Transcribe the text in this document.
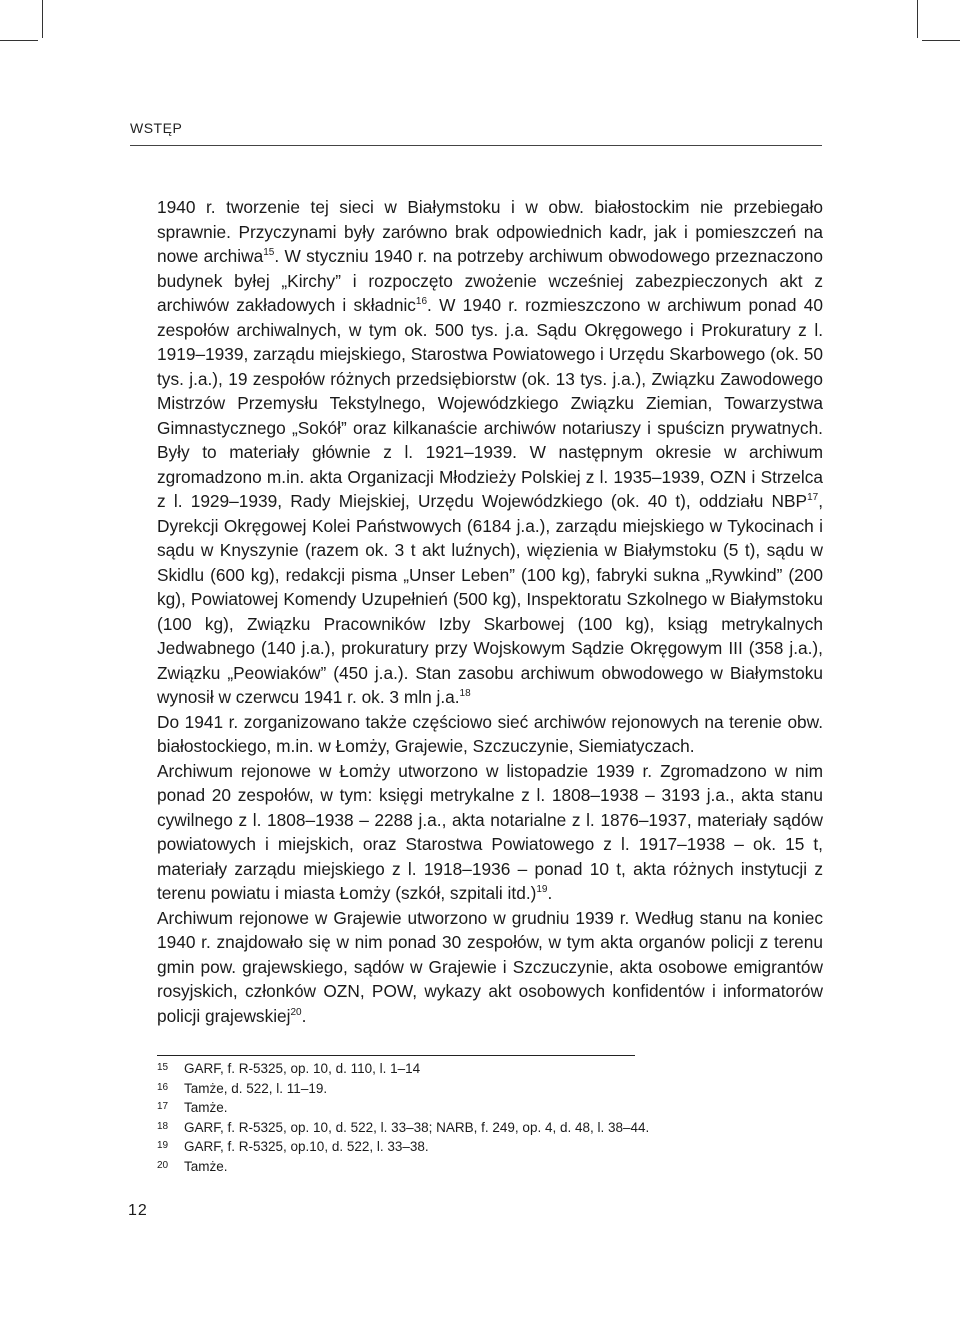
WSTĘP

1940 r. tworzenie tej sieci w Białymstoku i w obw. białostockim nie przebiegało sprawnie. Przyczynami były zarówno brak odpowiednich kadr, jak i pomieszczeń na nowe archiwa$^{15}$. W styczniu 1940 r. na potrzeby archiwum obwodowego przeznaczono budynek byłej „Kirchy” i rozpoczęto zwożenie wcześniej zabezpieczonych akt z archiwów zakładowych i składnic$^{16}$. W 1940 r. rozmieszczono w archiwum ponad 40 zespołów archiwalnych, w tym ok. 500 tys. j.a. Sądu Okręgowego i Prokuratury z l. 1919‒1939, zarządu miejskiego, Starostwa Powiatowego i Urzędu Skarbowego (ok. 50 tys. j.a.), 19 zespołów różnych przedsiębiorstw (ok. 13 tys. j.a.), Związku Zawodowego Mistrzów Przemysłu Tekstylnego, Wojewódzkiego Związku Ziemian, Towarzystwa Gimnastycznego „Sokół” oraz kilkanaście archiwów notariuszy i spuścizn prywatnych. Były to materiały głównie z l. 1921‒1939. W następnym okresie w archiwum zgromadzono m.in. akta Organizacji Młodzieży Polskiej z l. 1935‒1939, OZN i Strzelca z l. 1929‒1939, Rady Miejskiej, Urzędu Wojewódzkiego (ok. 40 t), oddziału NBP$^{17}$, Dyrekcji Okręgowej Kolei Państwowych (6184 j.a.), zarządu miejskiego w Tykocinach i sądu w Knyszynie (razem ok. 3 t akt luźnych), więzienia w Białymstoku (5 t), sądu w Skidlu (600 kg), redakcji pisma „Unser Leben” (100 kg), fabryki sukna „Rywkind” (200 kg), Powiatowej Komendy Uzupełnień (500 kg), Inspektoratu Szkolnego w Białymstoku (100 kg), Związku Pracowników Izby Skarbowej (100 kg), ksiąg metrykalnych Jedwabnego (140 j.a.), prokuratury przy Wojskowym Sądzie Okręgowym III (358 j.a.), Związku „Peowiaków” (450 j.a.). Stan zasobu archiwum obwodowego w Białymstoku wynosił w czerwcu 1941 r. ok. 3 mln j.a.$^{18}$

Do 1941 r. zorganizowano także częściowo sieć archiwów rejonowych na terenie obw. białostockiego, m.in. w Łomży, Grajewie, Szczuczynie, Siemiatyczach.

Archiwum rejonowe w Łomży utworzono w listopadzie 1939 r. Zgromadzono w nim ponad 20 zespołów, w tym: księgi metrykalne z l. 1808‒1938 ‒ 3193 j.a., akta stanu cywilnego z l. 1808‒1938 ‒ 2288 j.a., akta notarialne z l. 1876‒1937, materiały sądów powiatowych i miejskich, oraz Starostwa Powiatowego z l. 1917‒1938 ‒ ok. 15 t, materiały zarządu miejskiego z l. 1918‒1936 ‒ ponad 10 t, akta różnych instytucji z terenu powiatu i miasta Łomży (szkół, szpitali itd.)$^{19}$.

Archiwum rejonowe w Grajewie utworzono w grudniu 1939 r. Według stanu na koniec 1940 r. znajdowało się w nim ponad 30 zespołów, w tym akta organów policji z terenu gmin pow. grajewskiego, sądów w Grajewie i Szczuczynie, akta osobowe emigrantów rosyjskich, członków OZN, POW, wykazy akt osobowych konfidentów i informatorów policji grajewskiej$^{20}$.

15	GARF, f. R-5325, op. 10, d. 110, l. 1‒14
16	Tamże, d. 522, l. 11‒19.
17	Tamże.
18	GARF, f. R-5325, op. 10, d. 522, l. 33‒38; NARB, f. 249, op. 4, d. 48, l. 38‒44.
19	GARF, f. R-5325, op.10, d. 522, l. 33‒38.
20	Tamże.
12
